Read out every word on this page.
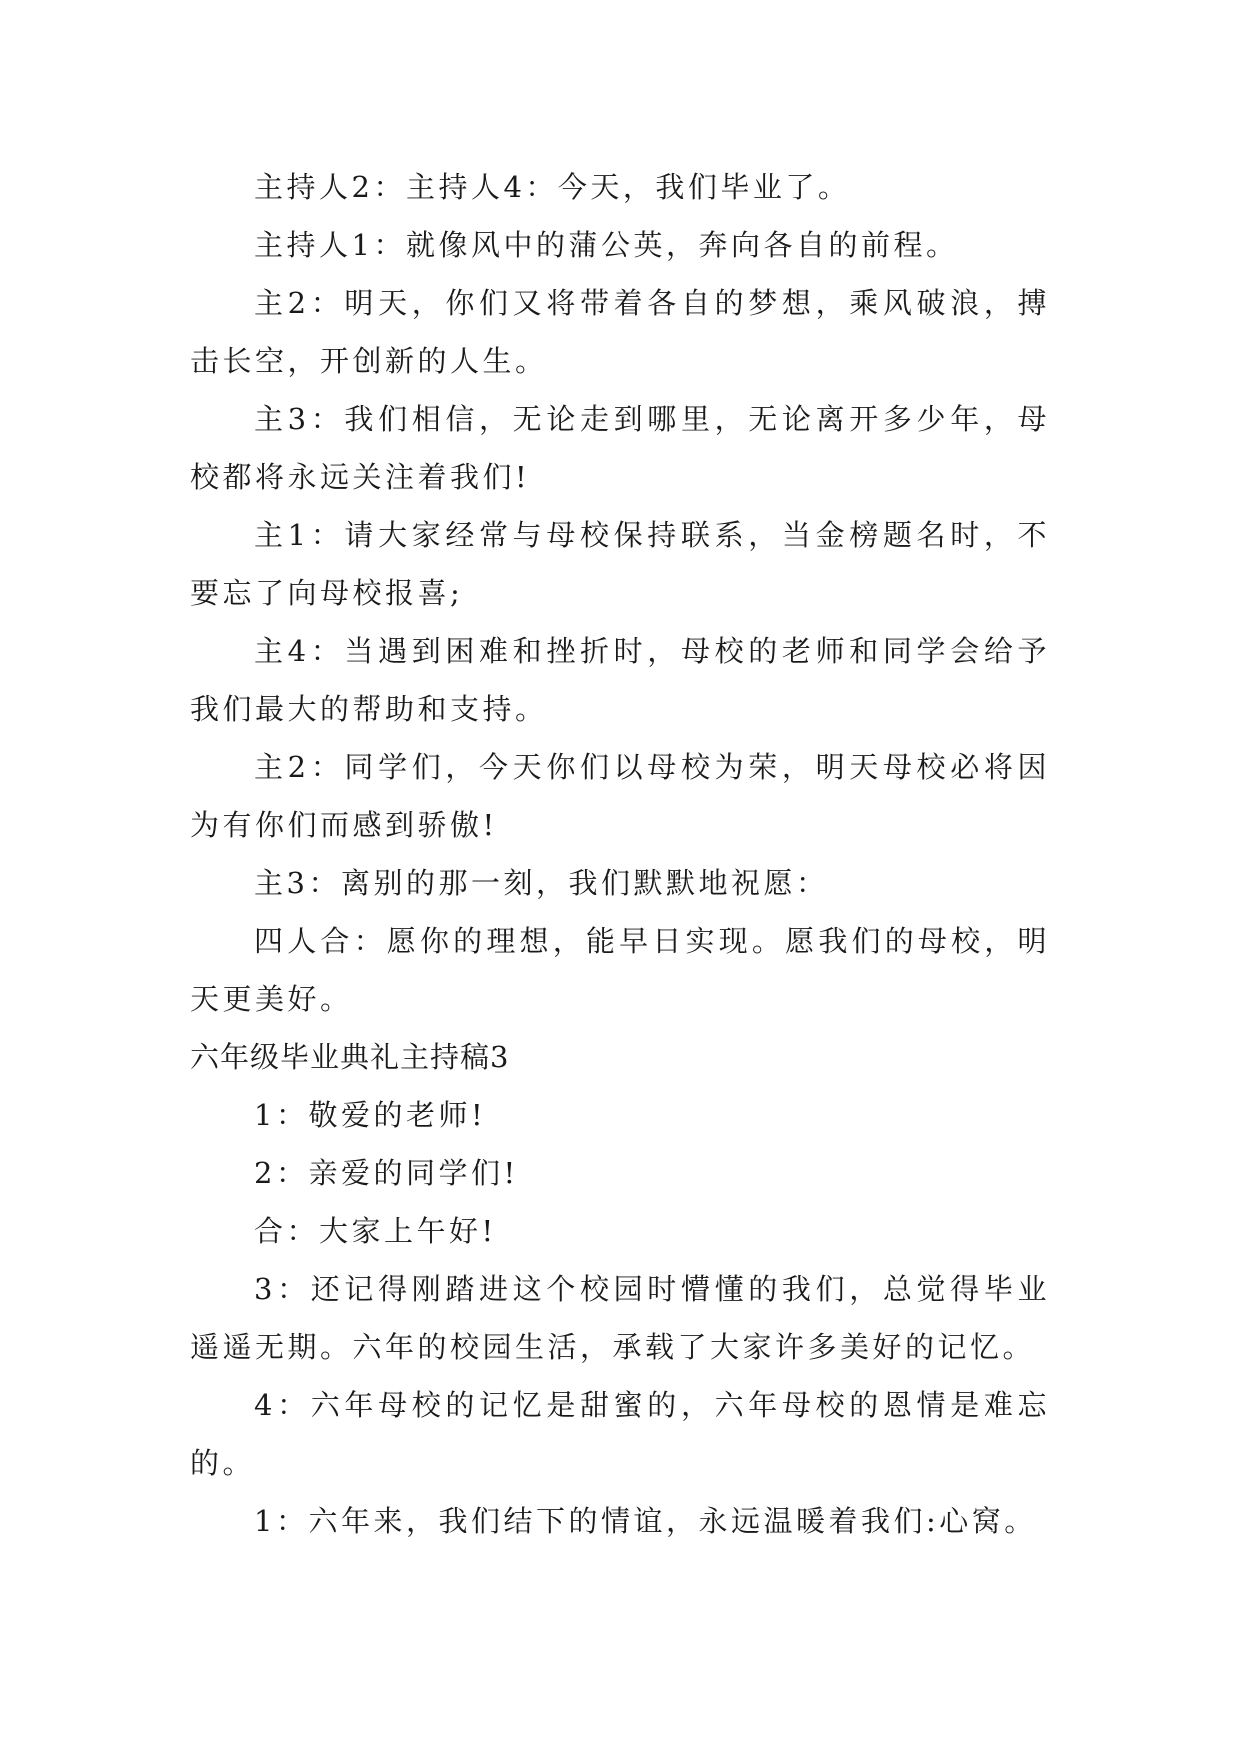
主持人2：主持人4：今天，我们毕业了。

主持人1：就像风中的蒲公英，奔向各自的前程。

主2：明天，你们又将带着各自的梦想，乘风破浪，搏击长空，开创新的人生。

主3：我们相信，无论走到哪里，无论离开多少年，母校都将永远关注着我们!

主1：请大家经常与母校保持联系，当金榜题名时，不要忘了向母校报喜;

主4：当遇到困难和挫折时，母校的老师和同学会给予我们最大的帮助和支持。

主2：同学们，今天你们以母校为荣，明天母校必将因为有你们而感到骄傲!

主3：离别的那一刻，我们默默地祝愿：

四人合：愿你的理想，能早日实现。愿我们的母校，明天更美好。

六年级毕业典礼主持稿3

1：敬爱的老师!

2：亲爱的同学们!

合：大家上午好!

3：还记得刚踏进这个校园时懵懂的我们，总觉得毕业遥遥无期。六年的校园生活，承载了大家许多美好的记忆。

4：六年母校的记忆是甜蜜的，六年母校的恩情是难忘的。

1：六年来，我们结下的情谊，永远温暖着我们:心窝。
